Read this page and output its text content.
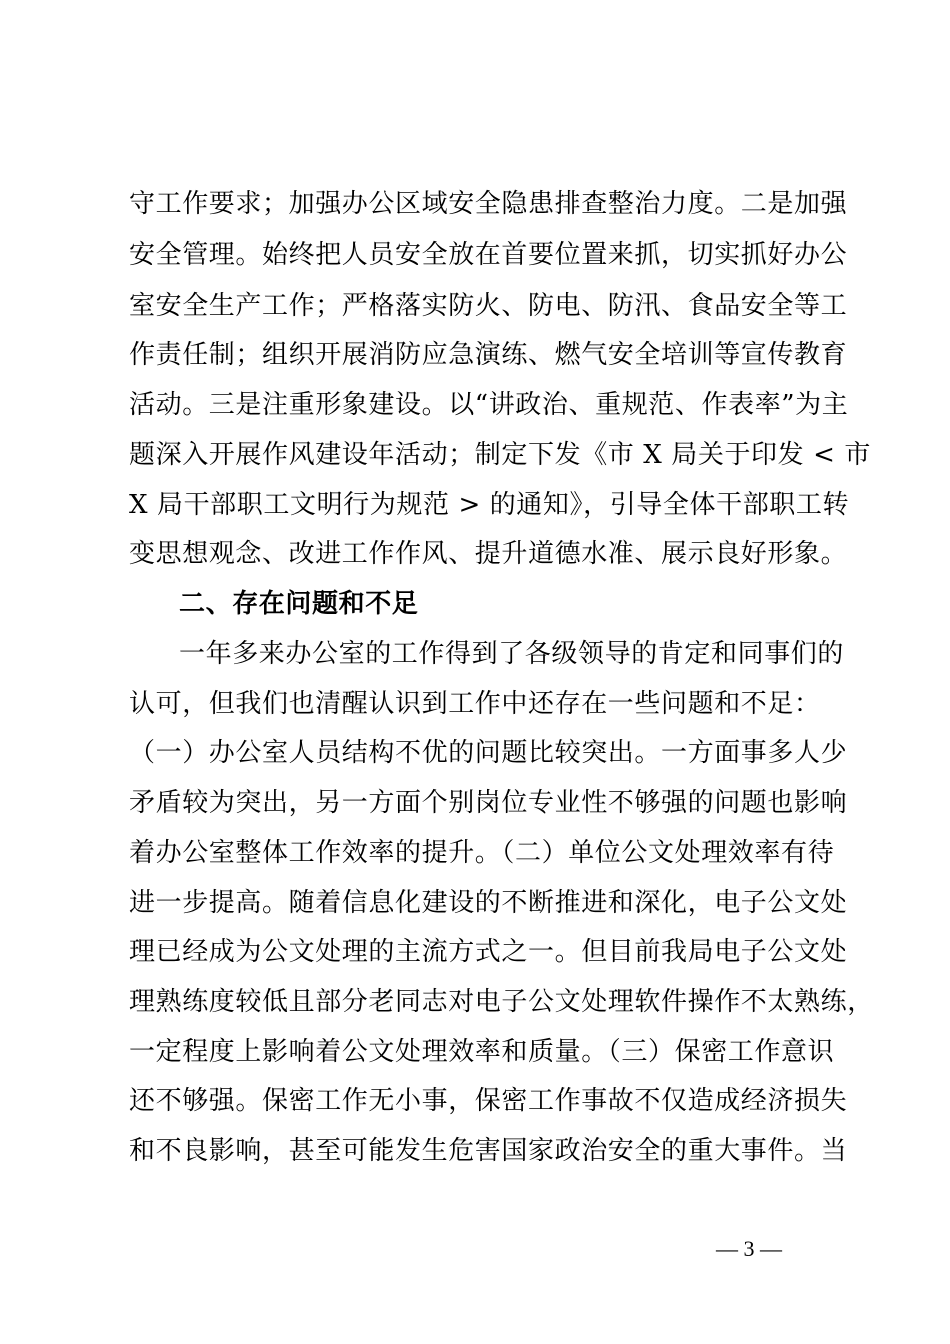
守工作要求；加强办公区域安全隐患排查整治力度。二是加强
安全管理。始终把人员安全放在首要位置来抓，切实抓好办公
室安全生产工作；严格落实防火、防电、防汛、食品安全等工
作责任制；组织开展消防应急演练、燃气安全培训等宣传教育
活动。三是注重形象建设。以“讲政治、重规范、作表率”为主
题深入开展作风建设年活动；制定下发《市 X 局关于印发 < 市
X 局干部职工文明行为规范 > 的通知》，引导全体干部职工转
变思想观念、改进工作作风、提升道德水准、展示良好形象。
二、存在问题和不足
一年多来办公室的工作得到了各级领导的肯定和同事们的
认可，但我们也清醒认识到工作中还存在一些问题和不足：
（一）办公室人员结构不优的问题比较突出。一方面事多人少
矛盾较为突出，另一方面个别岗位专业性不够强的问题也影响
着办公室整体工作效率的提升。（二）单位公文处理效率有待
进一步提高。随着信息化建设的不断推进和深化，电子公文处
理已经成为公文处理的主流方式之一。但目前我局电子公文处
理熟练度较低且部分老同志对电子公文处理软件操作不太熟练，
一定程度上影响着公文处理效率和质量。（三）保密工作意识
还不够强。保密工作无小事，保密工作事故不仅造成经济损失
和不良影响，甚至可能发生危害国家政治安全的重大事件。当
— 3 —
